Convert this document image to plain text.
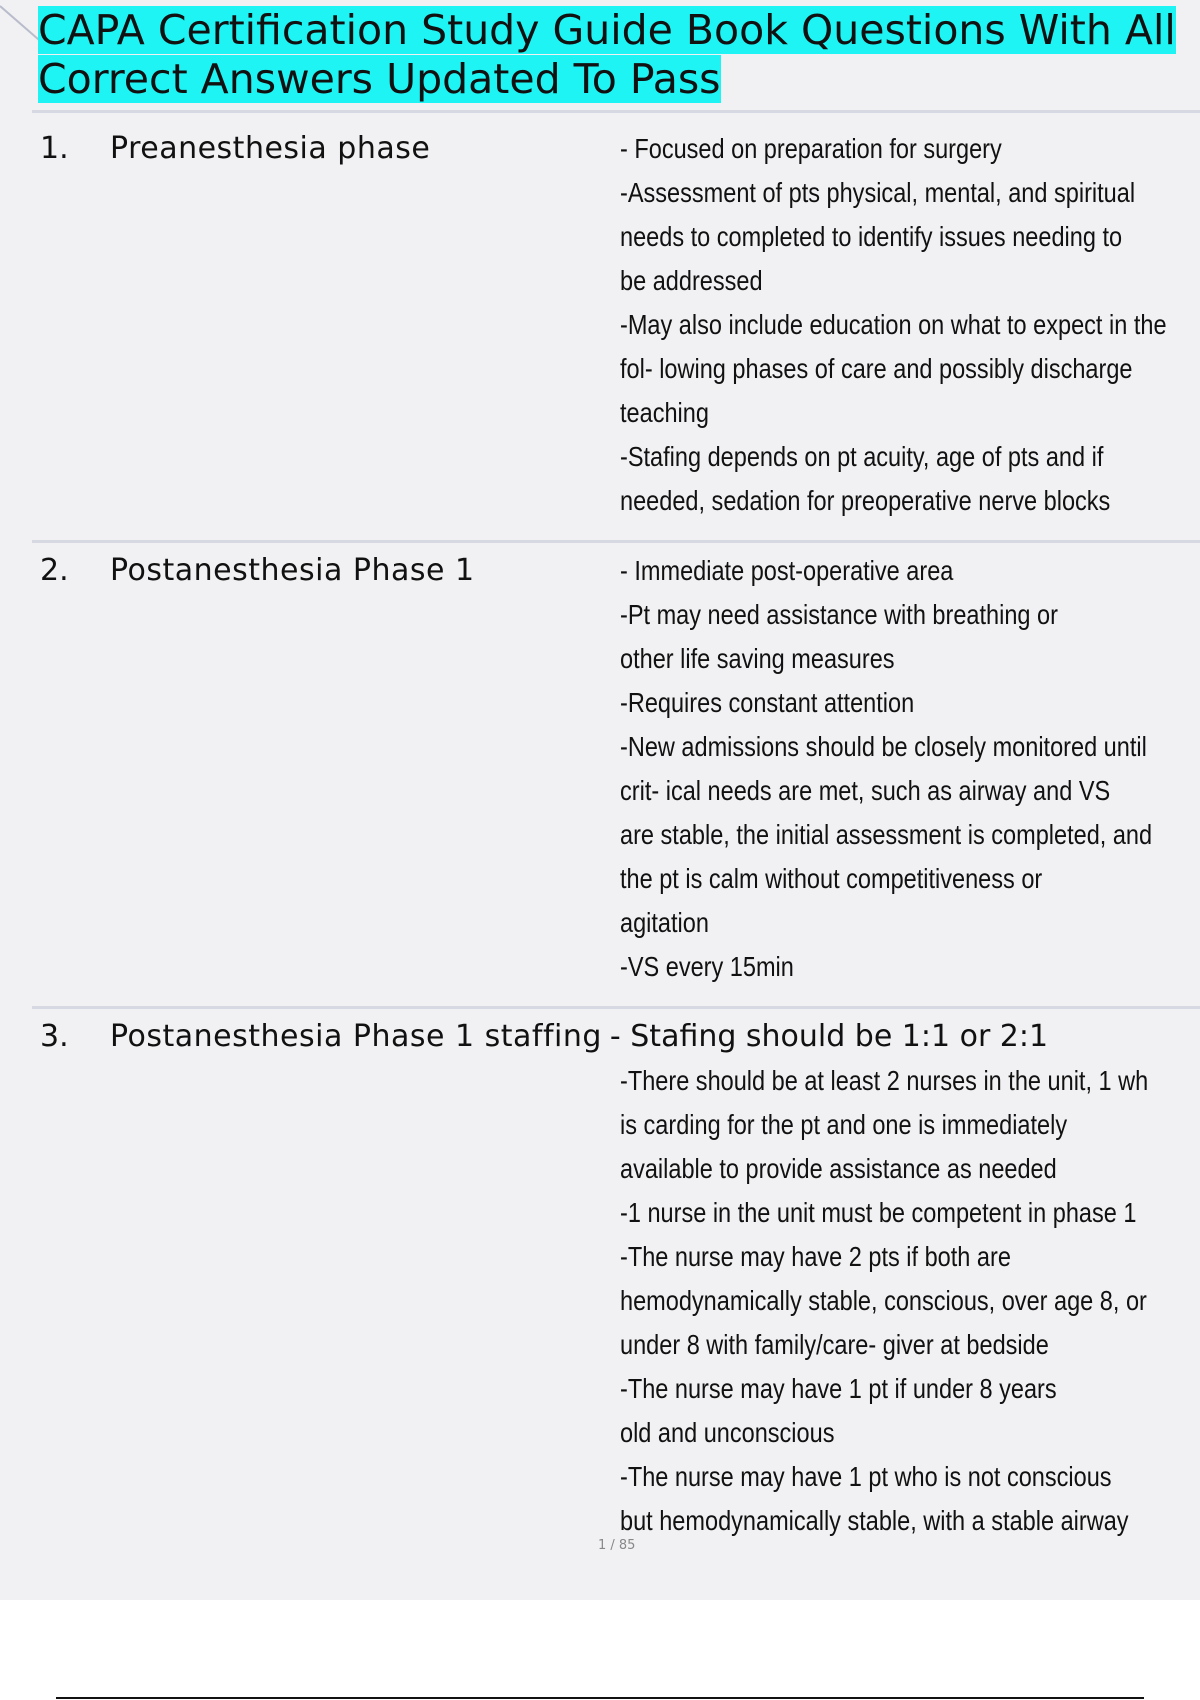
CAPA Certification Study Guide Book Questions With All Correct Answers Updated To Pass
1. Preanesthesia phase	- Focused on preparation for surgery
-Assessment of pts physical, mental, and spiritual
needs to completed to identify issues needing to
be addressed
-May also include education on what to expect in the
fol- lowing phases of care and possibly discharge
teaching
-Stafing depends on pt acuity, age of pts and if
needed, sedation for preoperative nerve blocks
2. Postanesthesia Phase 1	- Immediate post-operative area
-Pt may need assistance with breathing or
other life saving measures
-Requires constant attention
-New admissions should be closely monitored until
crit- ical needs are met, such as airway and VS
are stable, the initial assessment is completed, and
the pt is calm without competitiveness or
agitation
-VS every 15min
3. Postanesthesia Phase 1 staffing - Stafing should be 1:1 or 2:1
-There should be at least 2 nurses in the unit, 1 wh
is carding for the pt and one is immediately
available to provide assistance as needed
-1 nurse in the unit must be competent in phase 1
-The nurse may have 2 pts if both are
hemodynamically stable, conscious, over age 8, or
under 8 with family/care- giver at bedside
-The nurse may have 1 pt if under 8 years
old and unconscious
-The nurse may have 1 pt who is not conscious
but hemodynamically stable, with a stable airway
1 / 85
